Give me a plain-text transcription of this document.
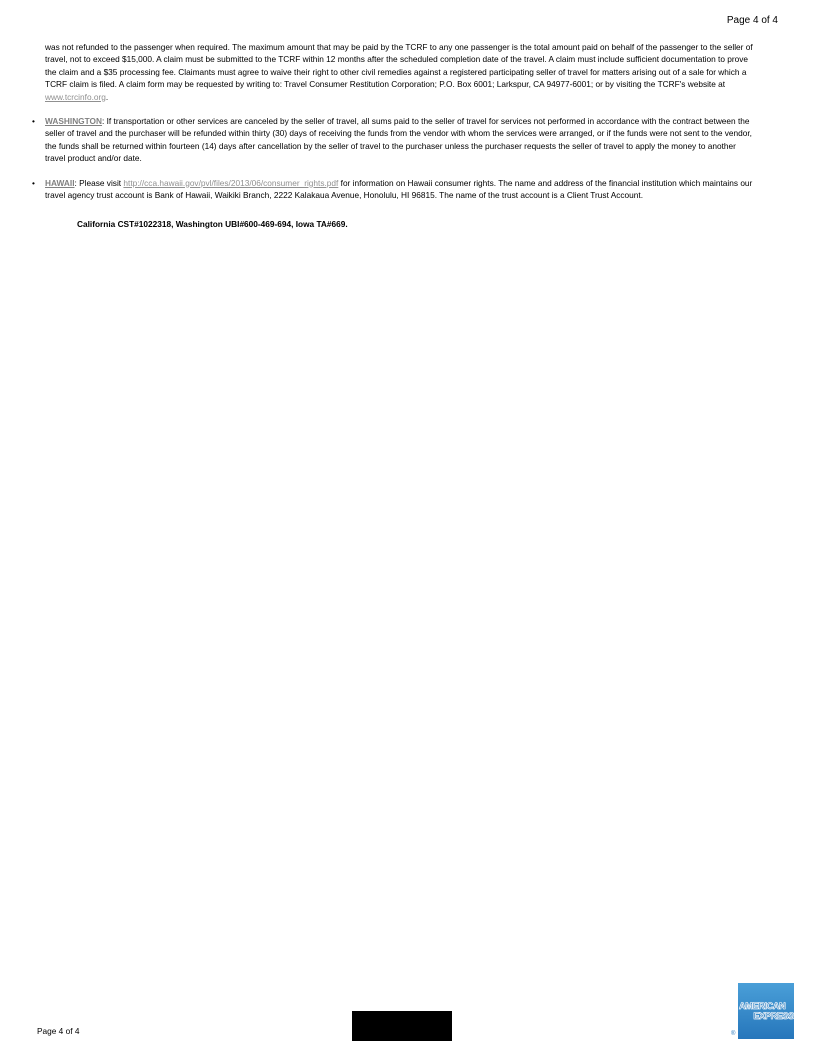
Page 4 of 4

was not refunded to the passenger when required. The maximum amount that may be paid by the TCRF to any one passenger is the total amount paid on behalf of the passenger to the seller of travel, not to exceed $15,000. A claim must be submitted to the TCRF within 12 months after the scheduled completion date of the travel. A claim must include sufficient documentation to prove the claim and a $35 processing fee. Claimants must agree to waive their right to other civil remedies against a registered participating seller of travel for matters arising out of a sale for which a TCRF claim is filed. A claim form may be requested by writing to: Travel Consumer Restitution Corporation; P.O. Box 6001; Larkspur, CA 94977-6001; or by visiting the TCRF's website at www.tcrcinfo.org.

• WASHINGTON: If transportation or other services are canceled by the seller of travel, all sums paid to the seller of travel for services not performed in accordance with the contract between the seller of travel and the purchaser will be refunded within thirty (30) days of receiving the funds from the vendor with whom the services were arranged, or if the funds were not sent to the vendor, the funds shall be returned within fourteen (14) days after cancellation by the seller of travel to the purchaser unless the purchaser requests the seller of travel to apply the money to another travel product and/or date.

• HAWAII: Please visit http://cca.hawaii.gov/pvl/files/2013/06/consumer_rights.pdf for information on Hawaii consumer rights. The name and address of the financial institution which maintains our travel agency trust account is Bank of Hawaii, Waikiki Branch, 2222 Kalakaua Avenue, Honolulu, HI 96815. The name of the trust account is a Client Trust Account.

California CST#1022318, Washington UBI#600-469-694, Iowa TA#669.
Page 4 of 4
AMERICAN
EXPRESS
®
